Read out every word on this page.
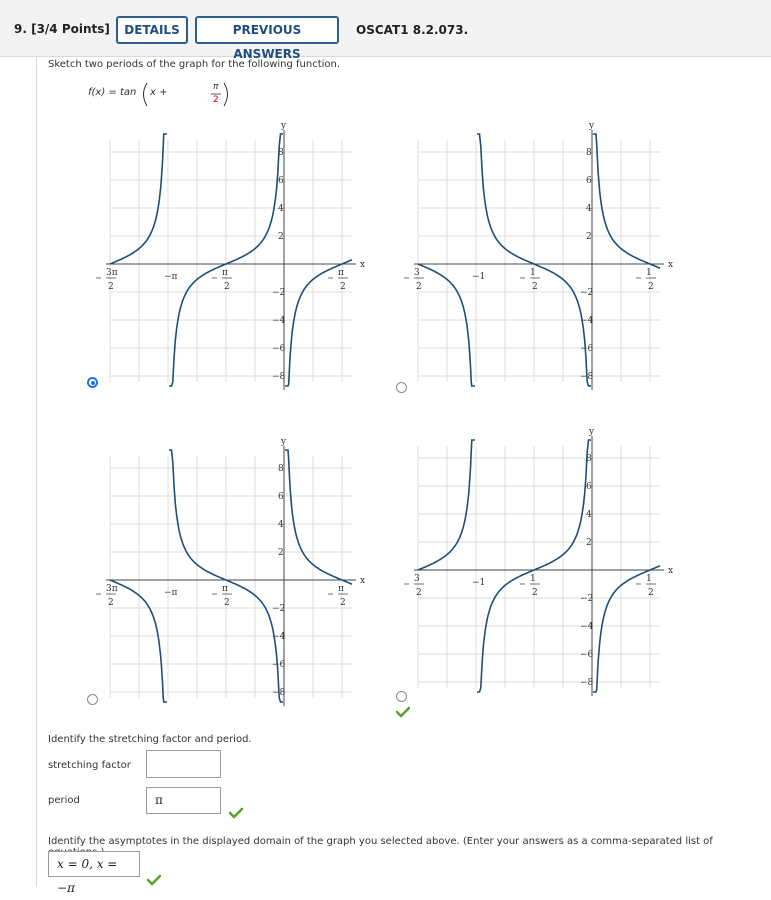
9. [3/4 Points]	DETAILS	PREVIOUS ANSWERS
OSCAT1 8.2.073.
Sketch two periods of the graph for the following function.
f(x) = tan x +	π
2
x
y
2
4
6
8
−2
−4
−6
−8
3π
2
π
2
π
2
−π
x
y
2
4
6
8
−2
−4
−6
−8
3
2
1
2
1
2
−1
x
y
2
4
6
8
−2
−4
−6
−8
3π
2
π
2
π
2
−π
x
y
2
4
6
8
−2
−4
−6
−8
3
2
1
2
1
2
−1
Identify the stretching factor and period.
stretching factor
period	π
Identify the asymptotes in the displayed domain of the graph you selected above. (Enter your answers as a comma-separated list of
x = 0, x = −π
